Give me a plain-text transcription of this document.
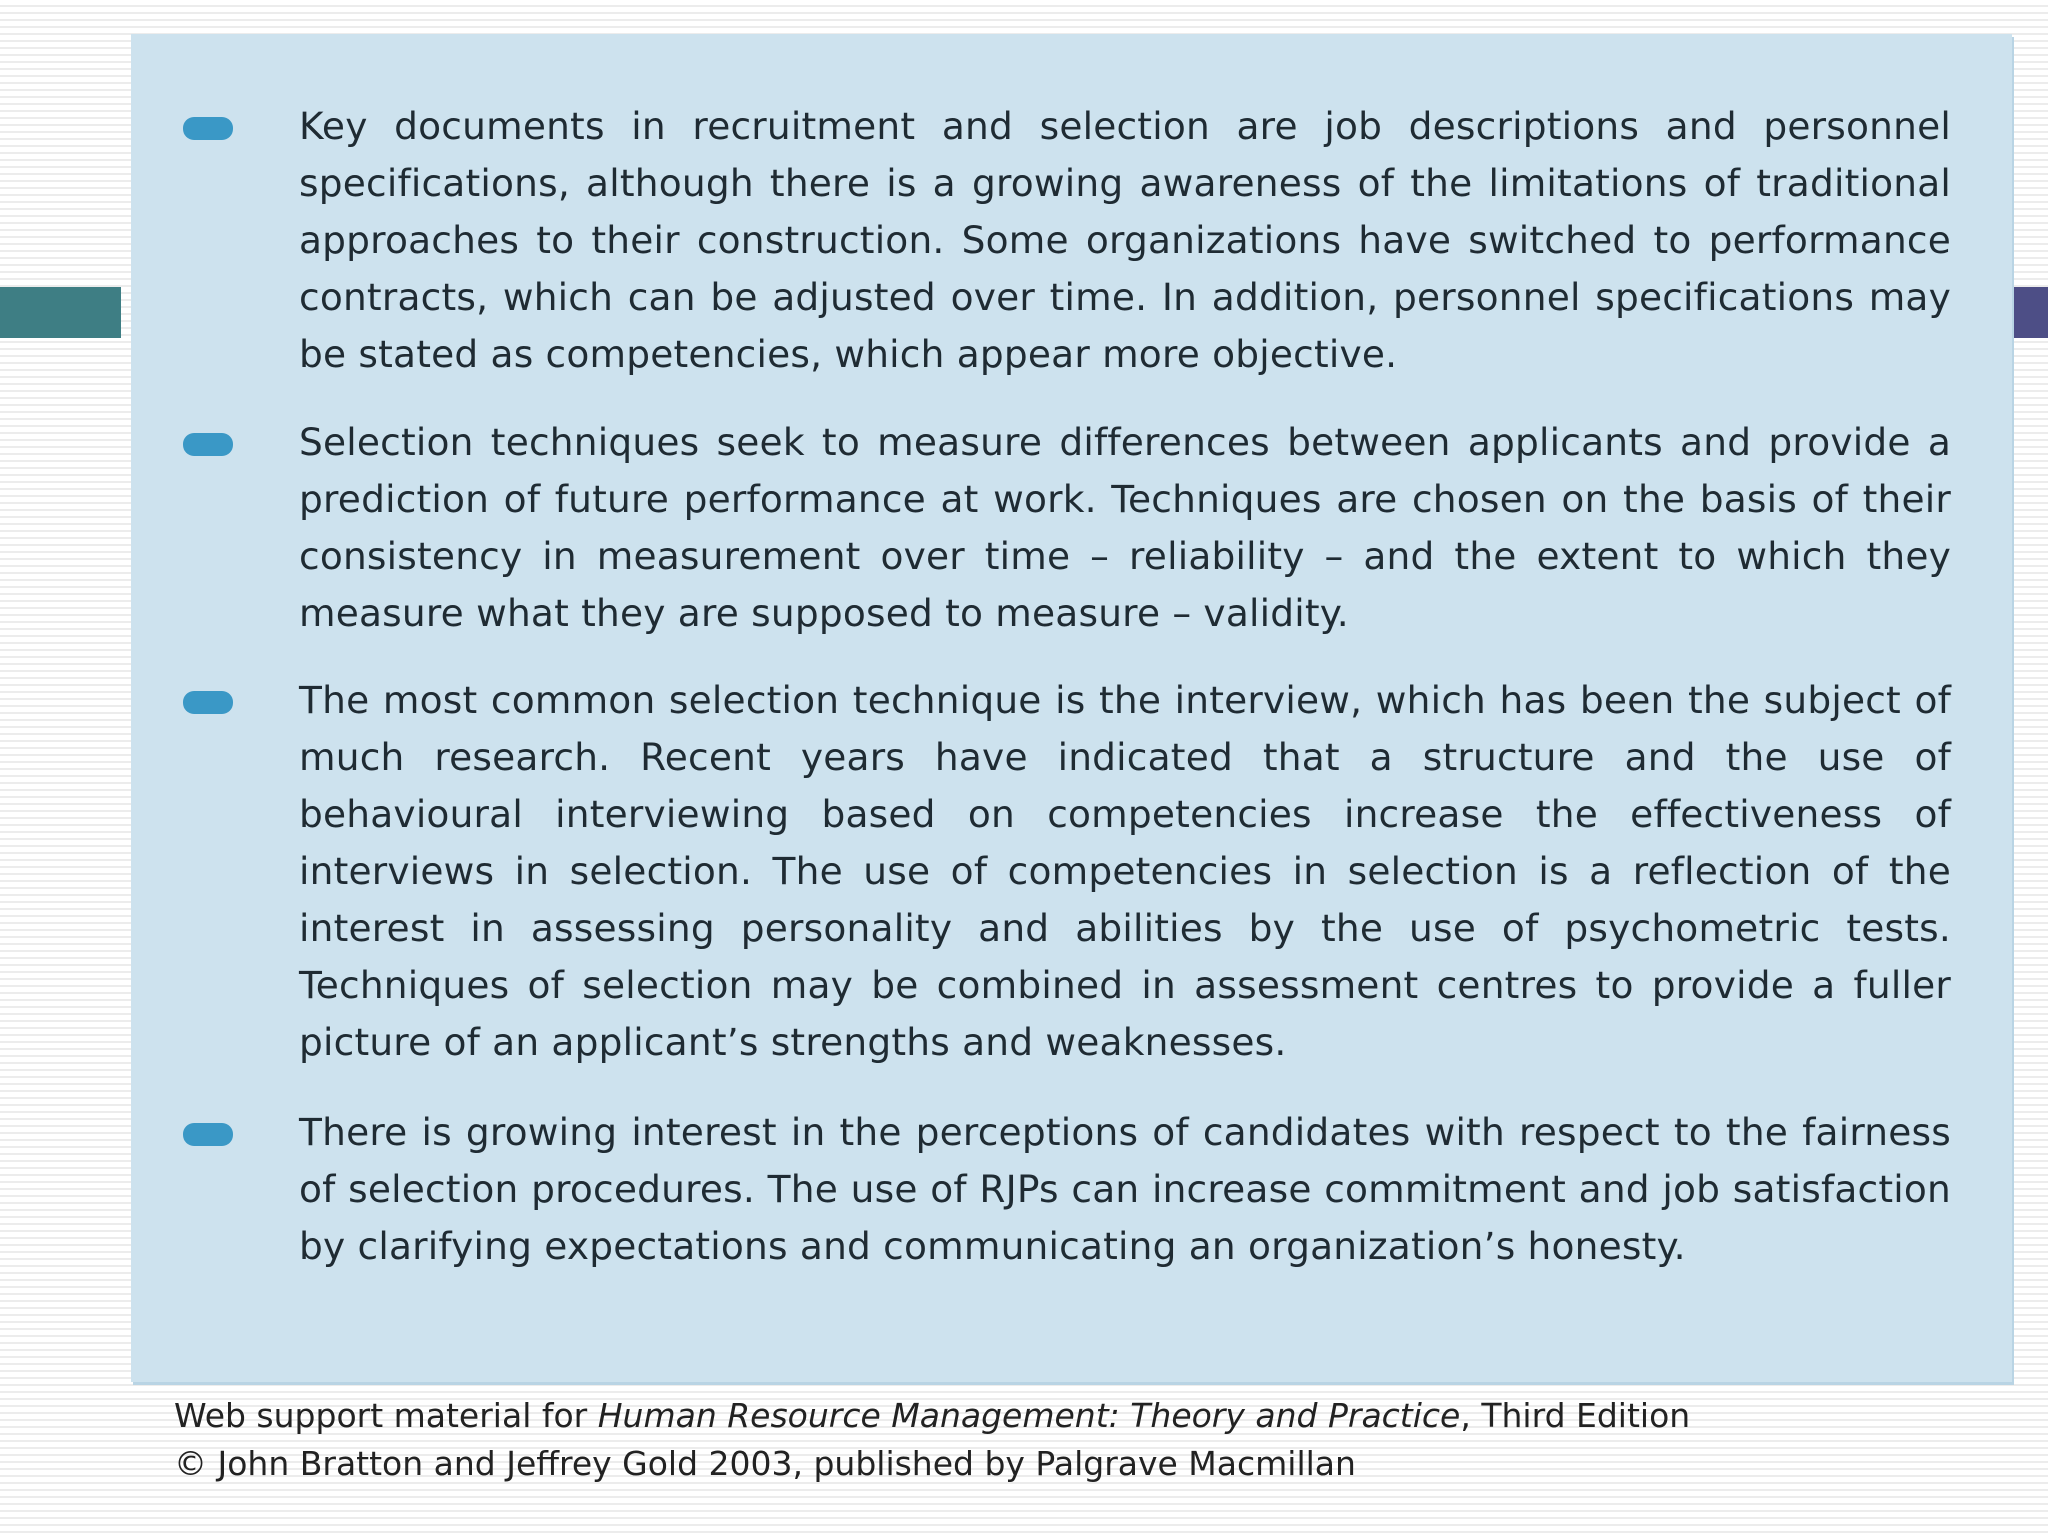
Key documents in recruitment and selection are job descriptions and personnel specifications, although there is a growing awareness of the limitations of traditional approaches to their construction. Some organizations have switched to performance contracts, which can be adjusted over time. In addition, personnel specifications may be stated as competencies, which appear more objective.

Selection techniques seek to measure differences between applicants and provide a prediction of future performance at work. Techniques are chosen on the basis of their consistency in measurement over time – reliability – and the extent to which they measure what they are supposed to measure – validity.

The most common selection technique is the interview, which has been the subject of much research. Recent years have indicated that a structure and the use of behavioural interviewing based on competencies increase the effectiveness of interviews in selection. The use of competencies in selection is a reflection of the interest in assessing personality and abilities by the use of psychometric tests. Techniques of selection may be combined in assessment centres to provide a fuller picture of an applicant’s strengths and weaknesses.

There is growing interest in the perceptions of candidates with respect to the fairness of selection procedures. The use of RJPs can increase commitment and job satisfaction by clarifying expectations and communicating an organization’s honesty.

Web support material for Human Resource Management: Theory and Practice, Third Edition
© John Bratton and Jeffrey Gold 2003, published by Palgrave Macmillan
